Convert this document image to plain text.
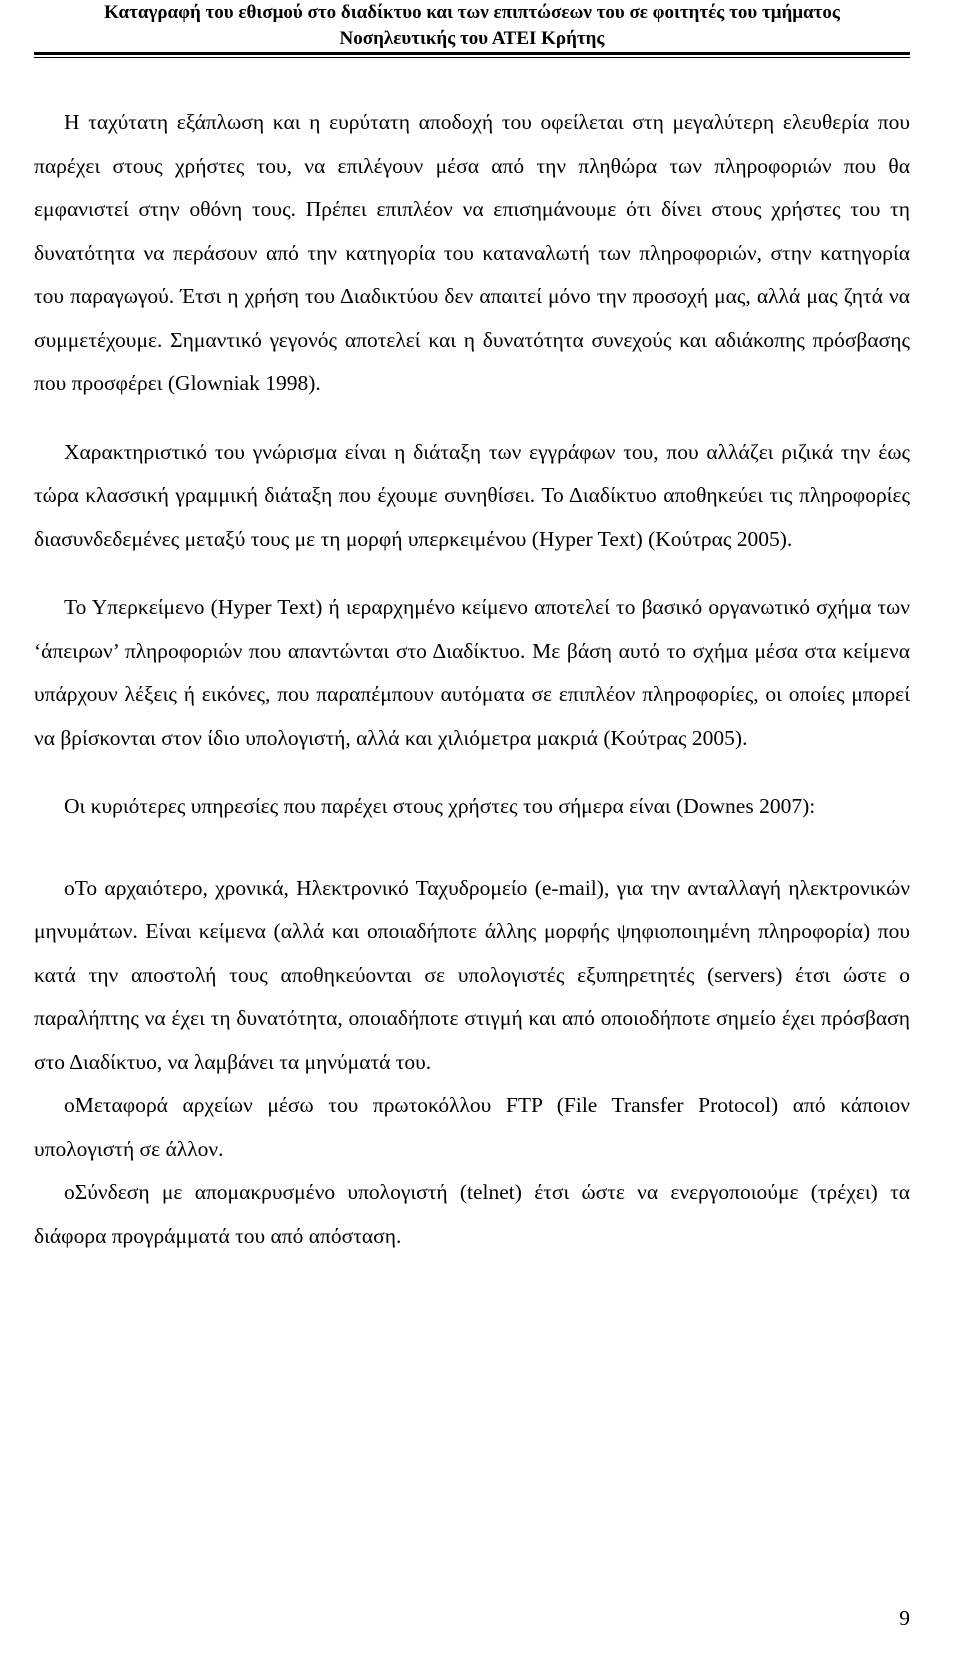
Καταγραφή του εθισμού στο διαδίκτυο και των επιπτώσεων του σε φοιτητές του τμήματος
Νοσηλευτικής του ΑΤΕΙ Κρήτης

Η ταχύτατη εξάπλωση και η ευρύτατη αποδοχή του οφείλεται στη μεγαλύτερη ελευθερία που παρέχει στους χρήστες του, να επιλέγουν μέσα από την πληθώρα των πληροφοριών που θα εμφανιστεί στην οθόνη τους. Πρέπει επιπλέον να επισημάνουμε ότι δίνει στους χρήστες του τη δυνατότητα να περάσουν από την κατηγορία του καταναλωτή των πληροφοριών, στην κατηγορία του παραγωγού. Έτσι η χρήση του Διαδικτύου δεν απαιτεί μόνο την προσοχή μας, αλλά μας ζητά να συμμετέχουμε. Σημαντικό γεγονός αποτελεί και η δυνατότητα συνεχούς και αδιάκοπης πρόσβασης που προσφέρει (Glowniak 1998).

Χαρακτηριστικό του γνώρισμα είναι η διάταξη των εγγράφων του, που αλλάζει ριζικά την έως τώρα κλασσική γραμμική διάταξη που έχουμε συνηθίσει. Το Διαδίκτυο αποθηκεύει τις πληροφορίες διασυνδεδεμένες μεταξύ τους με τη μορφή υπερκειμένου (Hyper Text) (Κούτρας 2005).

Το Υπερκείμενο (Hyper Text) ή ιεραρχημένο κείμενο αποτελεί το βασικό οργανωτικό σχήμα των ‘άπειρων’ πληροφοριών που απαντώνται στο Διαδίκτυο. Με βάση αυτό το σχήμα μέσα στα κείμενα υπάρχουν λέξεις ή εικόνες, που παραπέμπουν αυτόματα σε επιπλέον πληροφορίες, οι οποίες μπορεί να βρίσκονται στον ίδιο υπολογιστή, αλλά και χιλιόμετρα μακριά (Κούτρας 2005).

Οι κυριότερες υπηρεσίες που παρέχει στους χρήστες του σήμερα είναι (Downes 2007):

oΤο αρχαιότερο, χρονικά, Ηλεκτρονικό Ταχυδρομείο (e-mail), για την ανταλλαγή ηλεκτρονικών μηνυμάτων. Είναι κείμενα (αλλά και οποιαδήποτε άλλης μορφής ψηφιοποιημένη πληροφορία) που κατά την αποστολή τους αποθηκεύονται σε υπολογιστές εξυπηρετητές (servers) έτσι ώστε ο παραλήπτης να έχει τη δυνατότητα, οποιαδήποτε στιγμή και από οποιοδήποτε σημείο έχει πρόσβαση στο Διαδίκτυο, να λαμβάνει τα μηνύματά του.
oΜεταφορά αρχείων μέσω του πρωτοκόλλου FTP (File Transfer Protocol) από κάποιον υπολογιστή σε άλλον.
oΣύνδεση με απομακρυσμένο υπολογιστή (telnet) έτσι ώστε να ενεργοποιούμε (τρέχει) τα διάφορα προγράμματά του από απόσταση.
9
